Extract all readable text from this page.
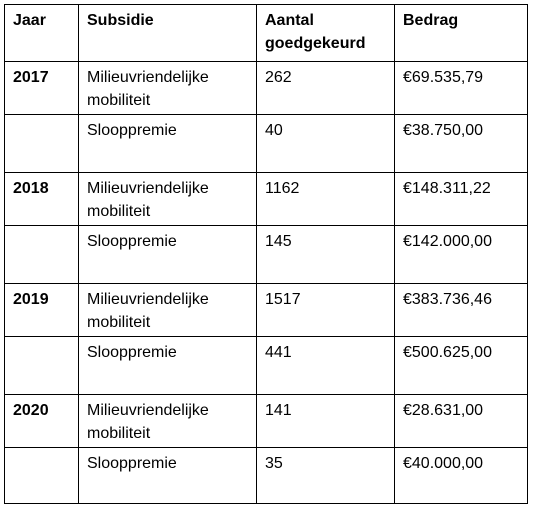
Jaar	Subsidie	Aantal goedgekeurd	Bedrag
2017	Milieuvriendelijke mobiliteit	262	€69.535,79
	Slooppremie	40	€38.750,00
2018	Milieuvriendelijke mobiliteit	1162	€148.311,22
	Slooppremie	145	€142.000,00
2019	Milieuvriendelijke mobiliteit	1517	€383.736,46
	Slooppremie	441	€500.625,00
2020	Milieuvriendelijke mobiliteit	141	€28.631,00
	Slooppremie	35	€40.000,00
